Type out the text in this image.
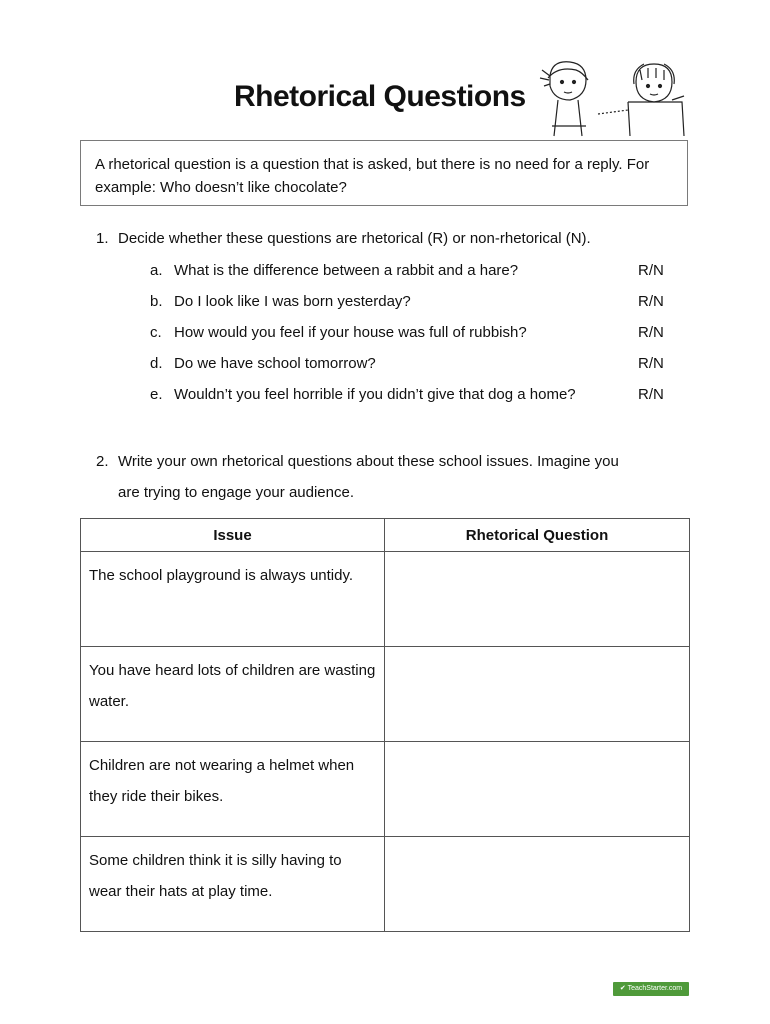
Rhetorical Questions
A rhetorical question is a question that is asked, but there is no need for a reply. For example: Who doesn’t like chocolate?
1. Decide whether these questions are rhetorical (R) or non-rhetorical (N).
a. What is the difference between a rabbit and a hare?	R/N
b. Do I look like I was born yesterday?	R/N
c. How would you feel if your house was full of rubbish?	R/N
d. Do we have school tomorrow?	R/N
e. Wouldn’t you feel horrible if you didn’t give that dog a home?	R/N
2. Write your own rhetorical questions about these school issues. Imagine you
are trying to engage your audience.
Issue	Rhetorical Question
The school playground is always untidy.	
You have heard lots of children are wasting water.	
Children are not wearing a helmet when they ride their bikes.	
Some children think it is silly having to wear their hats at play time.	
✔ TeachStarter.com
